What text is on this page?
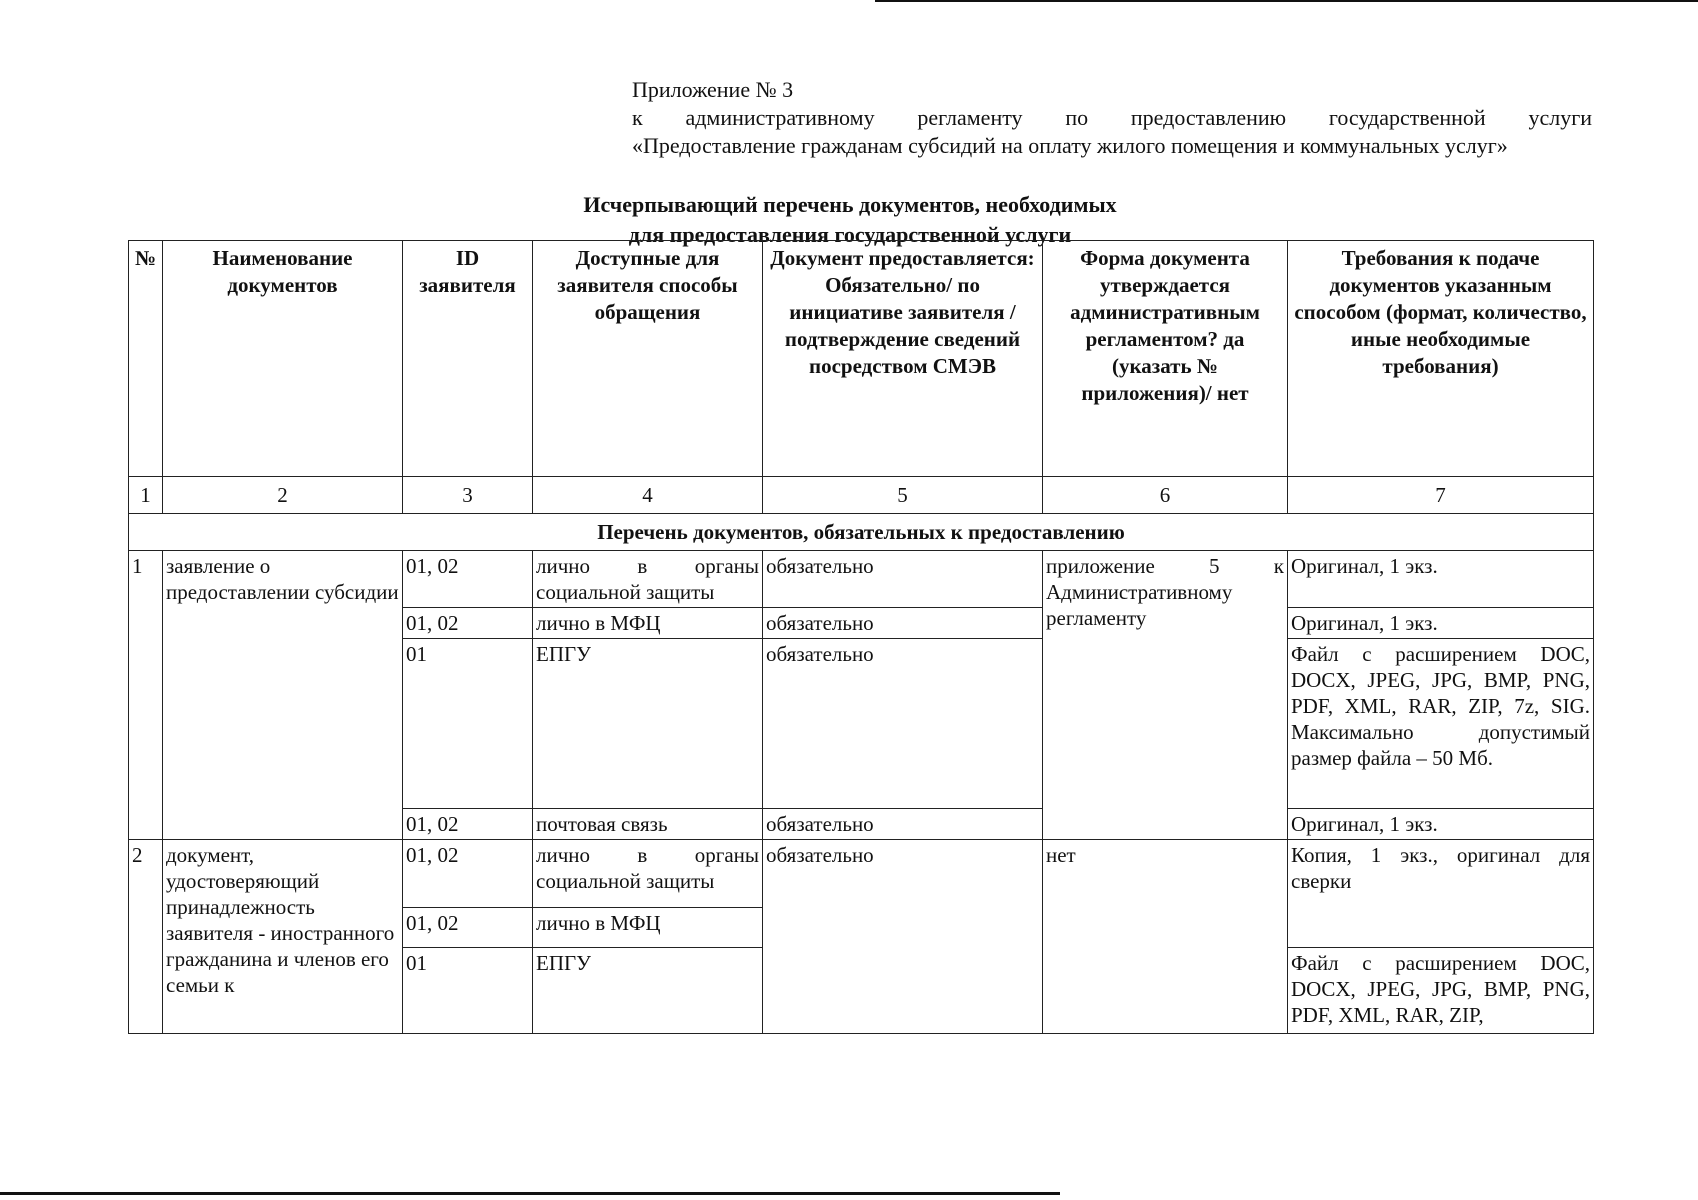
Приложение № 3
к административному регламенту по предоставлению государственной услуги
«Предоставление гражданам субсидий на оплату жилого помещения и коммунальных услуг»
Исчерпывающий перечень документов, необходимых
для предоставления государственной услуги
№	Наименование документов	ID заявителя	Доступные для заявителя способы обращения	Документ предоставляется: Обязательно/ по инициативе заявителя /подтверждение сведений посредством СМЭВ	Форма документа утверждается административным регламентом? да (указать № приложения)/ нет	Требования к подаче документов указанным способом (формат, количество, иные необходимые требования)
1	2	3	4	5	6	7
Перечень документов, обязательных к предоставлению						
1	заявление о предоставлении субсидии	01, 02	лично в органы социальной защиты	обязательно	приложение 5 к Административному регламенту	Оригинал, 1 экз.
		01, 02	лично в МФЦ	обязательно		Оригинал, 1 экз.
		01	ЕПГУ	обязательно		Файл с расширением DOC, DOCX, JPEG, JPG, BMP, PNG, PDF, XML, RAR, ZIP, 7z, SIG. Максимально допустимый размер файла – 50 Мб.
		01, 02	почтовая связь	обязательно		Оригинал, 1 экз.
2	документ, удостоверяющий принадлежность заявителя - иностранного гражданина и членов его семьи к	01, 02	лично в органы социальной защиты	обязательно	нет	Копия, 1 экз., оригинал для сверки
		01, 02	лично в МФЦ			
		01	ЕПГУ			Файл с расширением DOC, DOCX, JPEG, JPG, BMP, PNG, PDF, XML, RAR, ZIP,
